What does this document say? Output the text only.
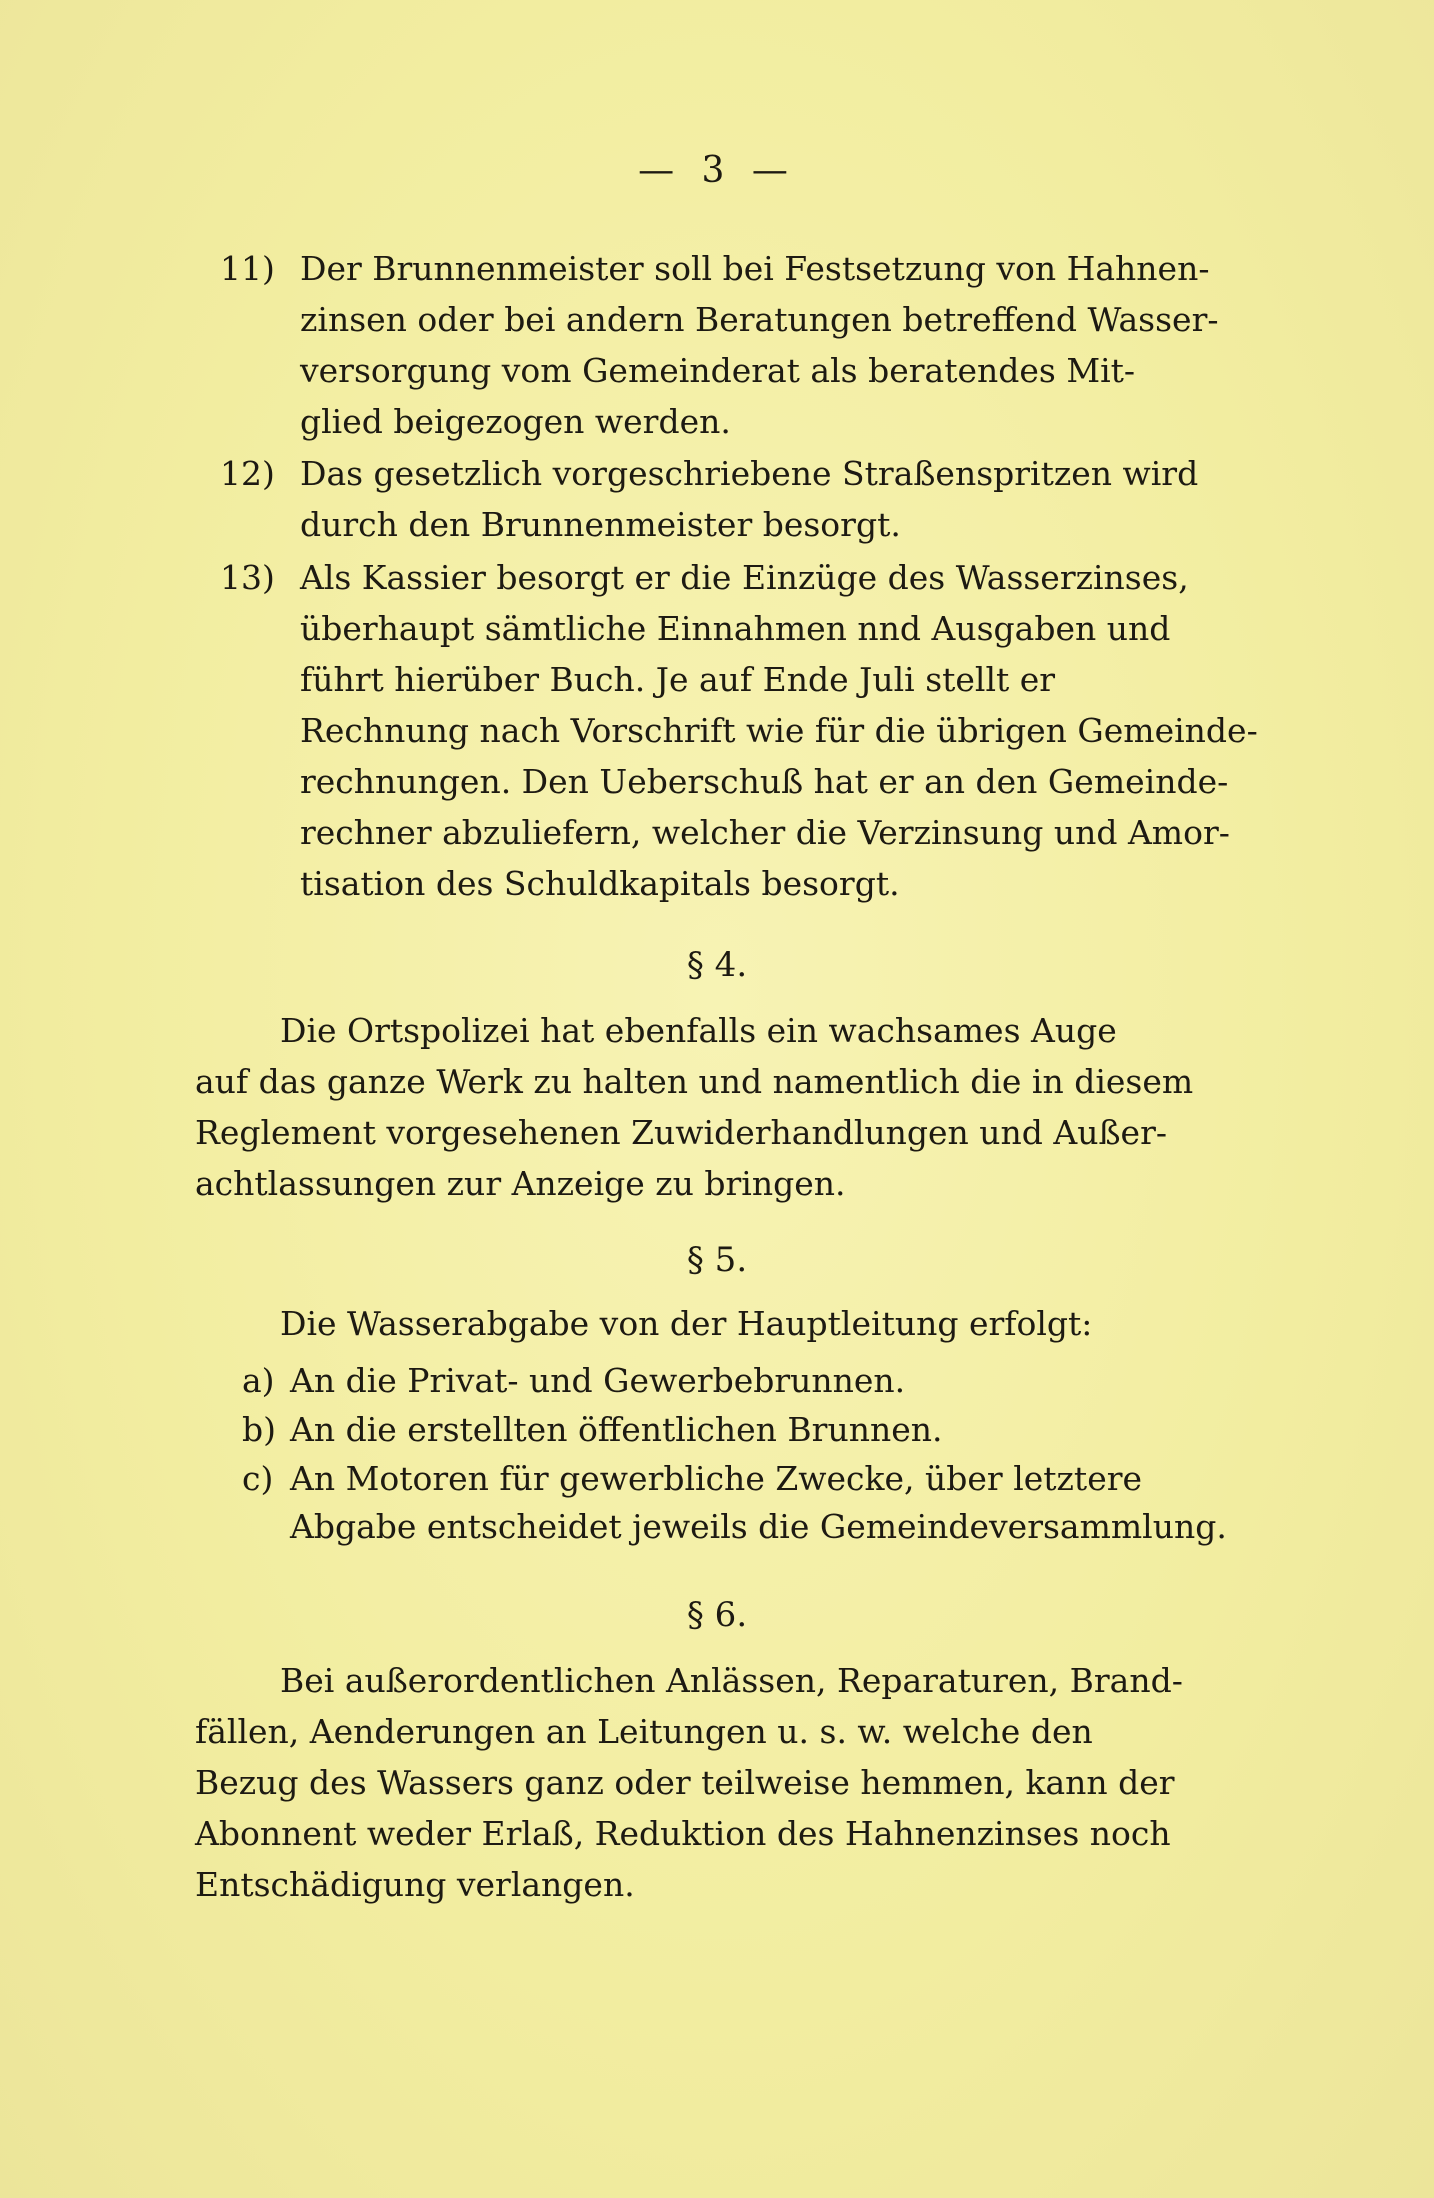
— 3 —
11) Der Brunnenmeister soll bei Festsetzung von Hahnen-
zinsen oder bei andern Beratungen betreffend Wasser-
versorgung vom Gemeinderat als beratendes Mit-
glied beigezogen werden.
12) Das gesetzlich vorgeschriebene Straßenspritzen wird
durch den Brunnenmeister besorgt.
13) Als Kassier besorgt er die Einzüge des Wasserzinses,
überhaupt sämtliche Einnahmen nnd Ausgaben und
führt hierüber Buch. Je auf Ende Juli stellt er
Rechnung nach Vorschrift wie für die übrigen Gemeinde-
rechnungen. Den Ueberschuß hat er an den Gemeinde-
rechner abzuliefern, welcher die Verzinsung und Amor-
tisation des Schuldkapitals besorgt.
§ 4.
Die Ortspolizei hat ebenfalls ein wachsames Auge
auf das ganze Werk zu halten und namentlich die in diesem
Reglement vorgesehenen Zuwiderhandlungen und Außer-
achtlassungen zur Anzeige zu bringen.
§ 5.
Die Wasserabgabe von der Hauptleitung erfolgt:
a) An die Privat- und Gewerbebrunnen.
b) An die erstellten öffentlichen Brunnen.
c) An Motoren für gewerbliche Zwecke, über letztere
Abgabe entscheidet jeweils die Gemeindeversammlung.
§ 6.
Bei außerordentlichen Anlässen, Reparaturen, Brand-
fällen, Aenderungen an Leitungen u. s. w. welche den
Bezug des Wassers ganz oder teilweise hemmen, kann der
Abonnent weder Erlaß, Reduktion des Hahnenzinses noch
Entschädigung verlangen.
